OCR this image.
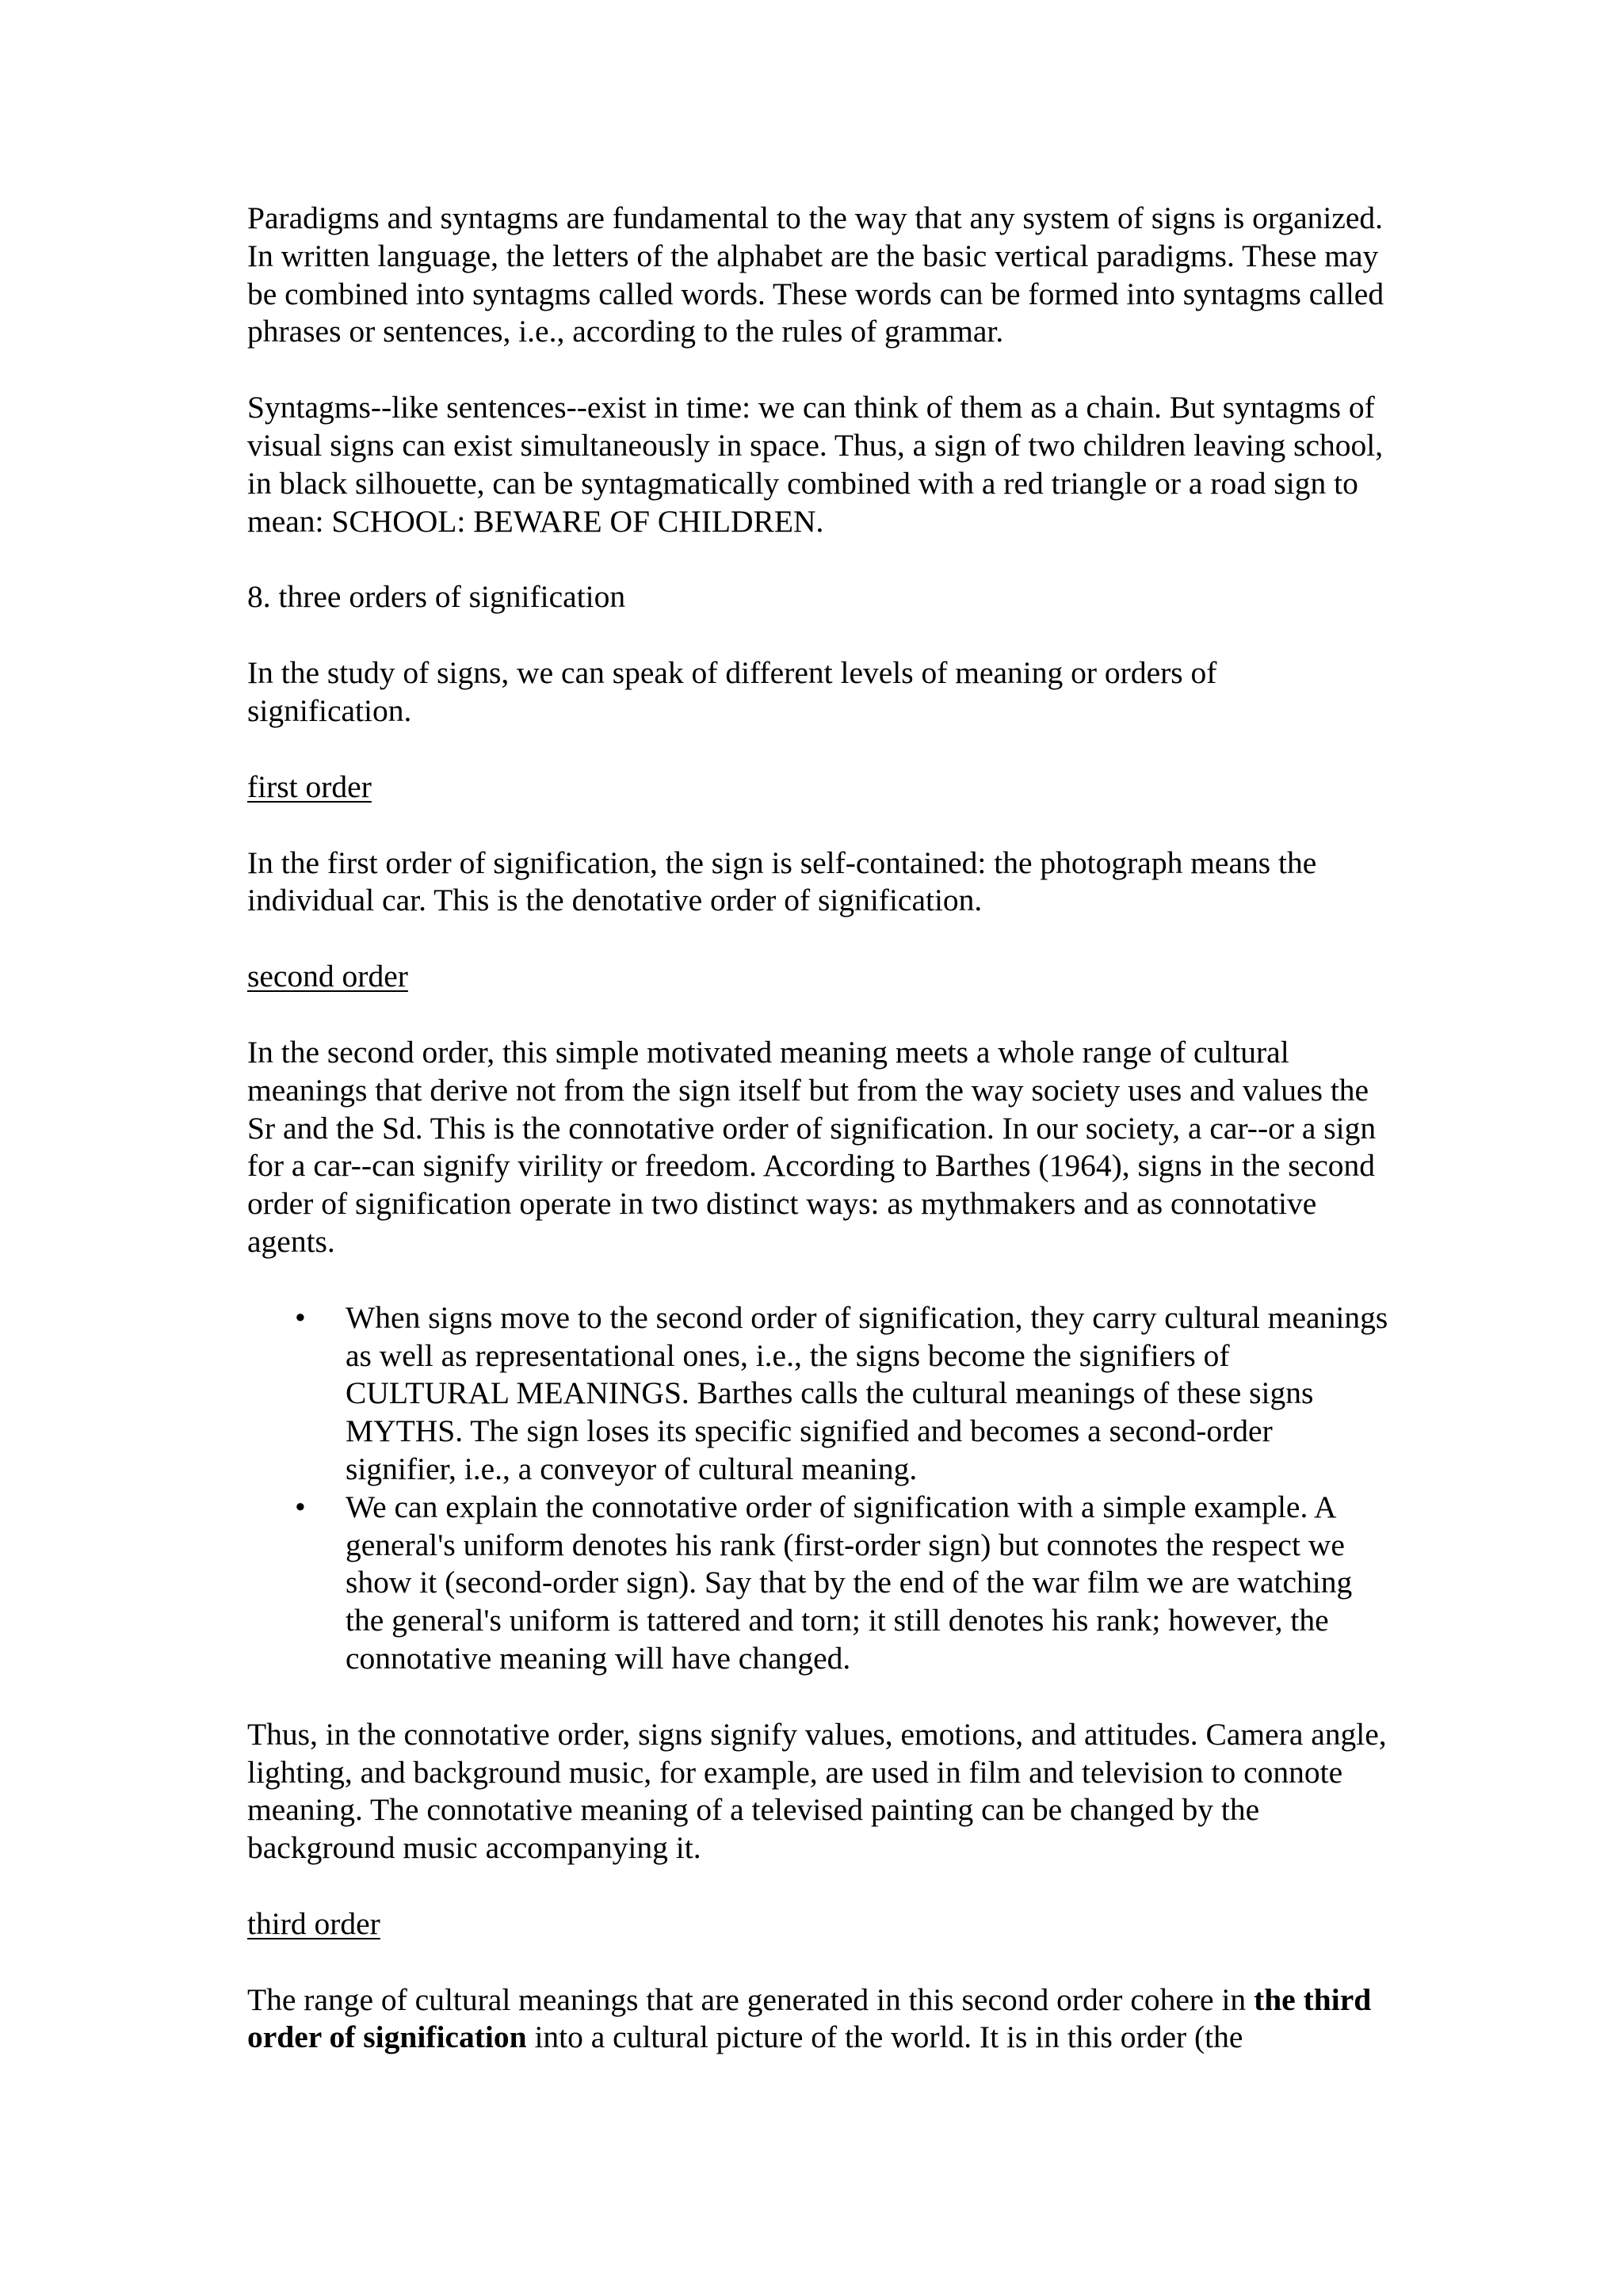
Paradigms and syntagms are fundamental to the way that any system of signs is organized. In written language, the letters of the alphabet are the basic vertical paradigms. These may be combined into syntagms called words. These words can be formed into syntagms called phrases or sentences, i.e., according to the rules of grammar.

Syntagms--like sentences--exist in time: we can think of them as a chain. But syntagms of visual signs can exist simultaneously in space. Thus, a sign of two children leaving school, in black silhouette, can be syntagmatically combined with a red triangle or a road sign to mean: SCHOOL: BEWARE OF CHILDREN.

8. three orders of signification

In the study of signs, we can speak of different levels of meaning or orders of signification.

first order

In the first order of signification, the sign is self-contained: the photograph means the individual car. This is the denotative order of signification.

second order

In the second order, this simple motivated meaning meets a whole range of cultural meanings that derive not from the sign itself but from the way society uses and values the Sr and the Sd. This is the connotative order of signification. In our society, a car--or a sign for a car--can signify virility or freedom. According to Barthes (1964), signs in the second order of signification operate in two distinct ways: as mythmakers and as connotative agents.

• When signs move to the second order of signification, they carry cultural meanings as well as representational ones, i.e., the signs become the signifiers of CULTURAL MEANINGS. Barthes calls the cultural meanings of these signs MYTHS. The sign loses its specific signified and becomes a second-order signifier, i.e., a conveyor of cultural meaning.
• We can explain the connotative order of signification with a simple example. A general's uniform denotes his rank (first-order sign) but connotes the respect we show it (second-order sign). Say that by the end of the war film we are watching the general's uniform is tattered and torn; it still denotes his rank; however, the connotative meaning will have changed.

Thus, in the connotative order, signs signify values, emotions, and attitudes. Camera angle, lighting, and background music, for example, are used in film and television to connote meaning. The connotative meaning of a televised painting can be changed by the background music accompanying it.

third order

The range of cultural meanings that are generated in this second order cohere in the third order of signification into a cultural picture of the world. It is in this order (the
